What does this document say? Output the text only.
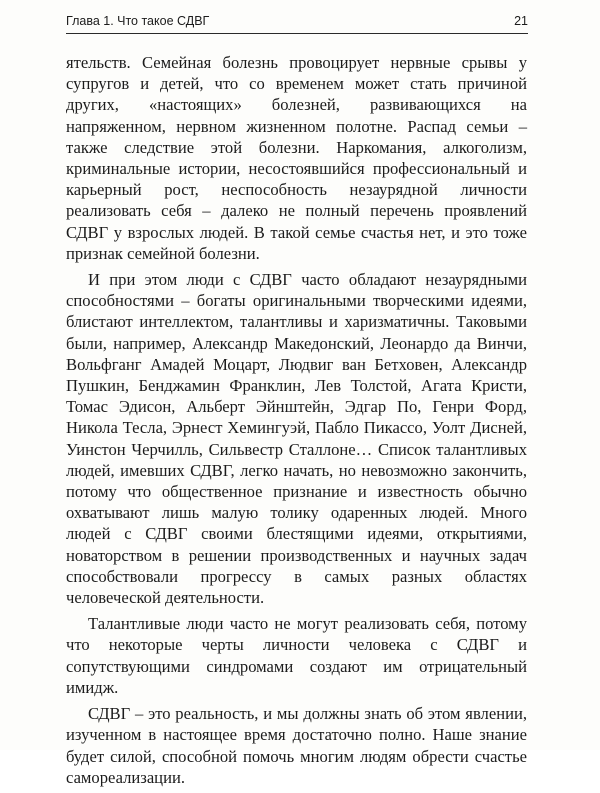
Глава 1. Что такое СДВГ	21

ятельств. Семейная болезнь провоцирует нервные срывы у супругов и детей, что со временем может стать причиной других, «настоящих» болезней, развивающихся на напряженном, нервном жизненном полотне. Распад семьи – также следствие этой болезни. Наркомания, алкоголизм, криминальные истории, несостоявшийся профессиональный и карьерный рост, неспособность незаурядной личности реализовать себя – далеко не полный перечень проявлений СДВГ у взрослых людей. В такой семье счастья нет, и это тоже признак семейной болезни.

И при этом люди с СДВГ часто обладают незаурядными способностями – богаты оригинальными творческими идеями, блистают интеллектом, талантливы и харизматичны. Таковыми были, например, Александр Македонский, Леонардо да Винчи, Вольфганг Амадей Моцарт, Людвиг ван Бетховен, Александр Пушкин, Бенджамин Франклин, Лев Толстой, Агата Кристи, Томас Эдисон, Альберт Эйнштейн, Эдгар По, Генри Форд, Никола Тесла, Эрнест Хемингуэй, Пабло Пикассо, Уолт Дисней, Уинстон Черчилль, Сильвестр Сталлоне… Список талантливых людей, имевших СДВГ, легко начать, но невозможно закончить, потому что общественное признание и известность обычно охватывают лишь малую толику одаренных людей. Много людей с СДВГ своими блестящими идеями, открытиями, новаторством в решении производственных и научных задач способствовали прогрессу в самых разных областях человеческой деятельности.

Талантливые люди часто не могут реализовать себя, потому что некоторые черты личности человека с СДВГ и сопутствующими синдромами создают им отрицательный имидж.

СДВГ – это реальность, и мы должны знать об этом явлении, изученном в настоящее время достаточно полно. Наше знание будет силой, способной помочь многим людям обрести счастье самореализации.
